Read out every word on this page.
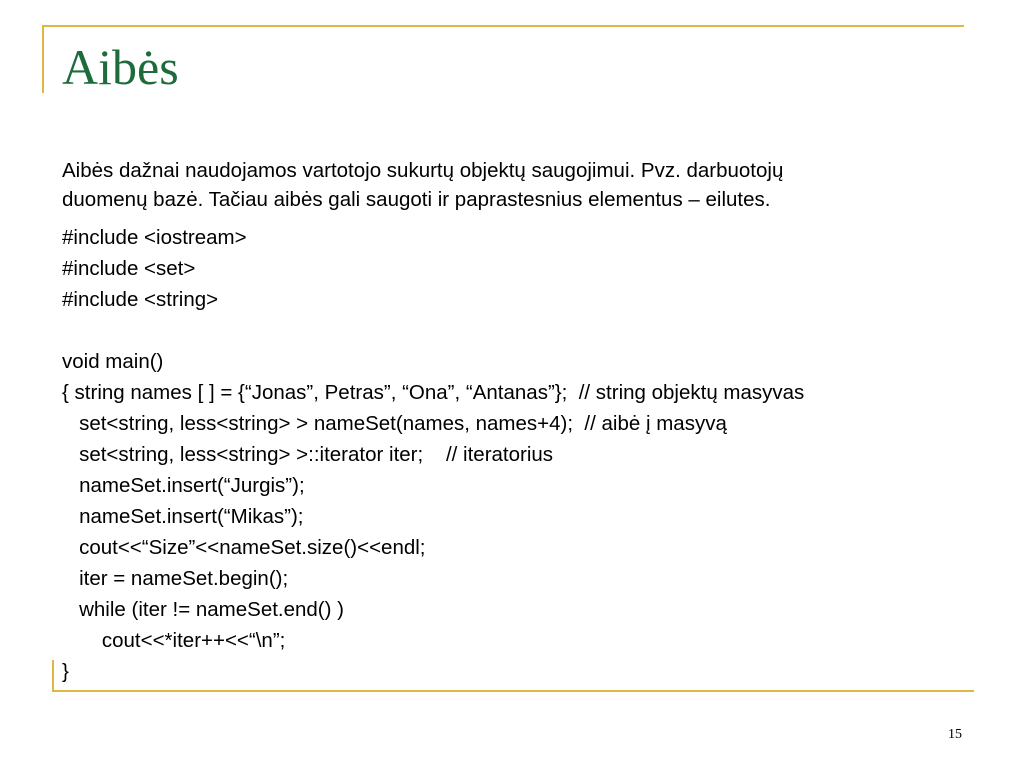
Aibės
Aibės dažnai naudojamos vartotojo sukurtų objektų saugojimui. Pvz. darbuotojų
duomenų bazė. Tačiau aibės gali saugoti ir paprastesnius elementus – eilutes.
#include <iostream>
#include <set>
#include <string>
void main()
{ string names [ ] = {“Jonas”, Petras”, “Ona”, “Antanas”};  // string objektų masyvas
set<string, less<string> > nameSet(names, names+4);  // aibė į masyvą
set<string, less<string> >::iterator iter;    // iteratorius
nameSet.insert(“Jurgis”);
nameSet.insert(“Mikas”);
cout<<“Size”<<nameSet.size()<<endl;
iter = nameSet.begin();
while (iter != nameSet.end() )
cout<<*iter++<<“\n”;
}
15
